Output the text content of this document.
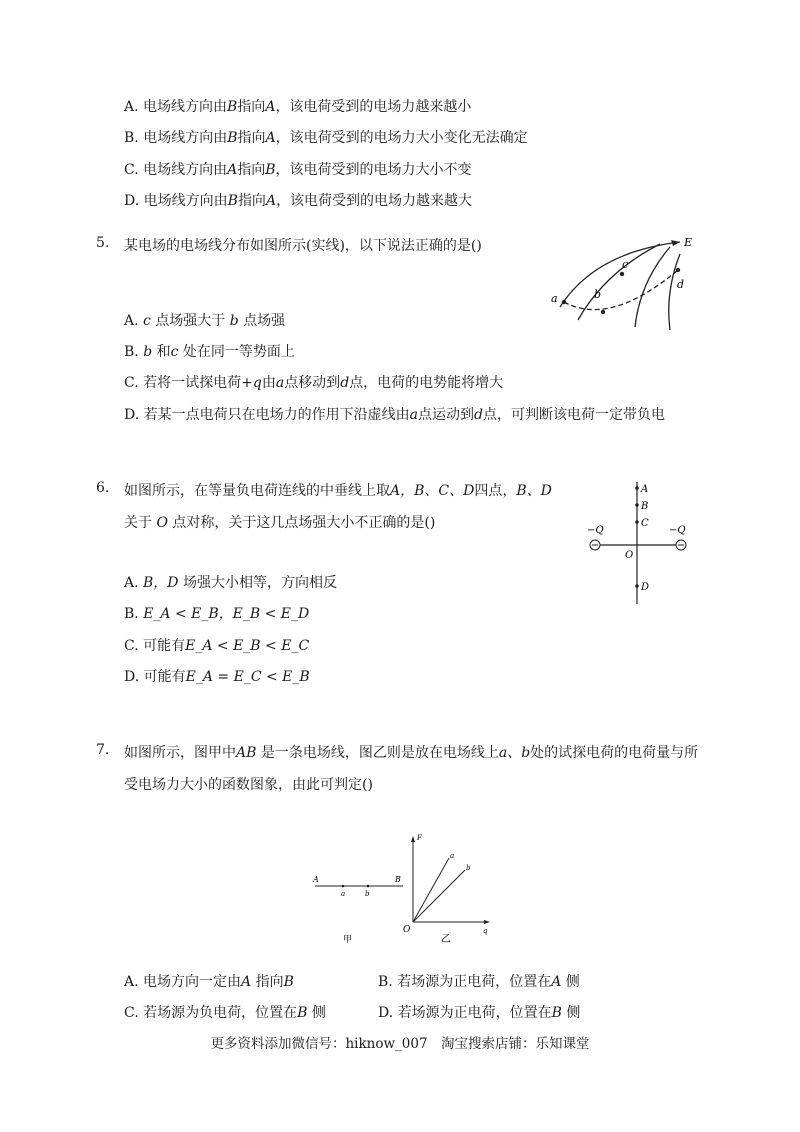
A. 电场线方向由B指向A，该电荷受到的电场力越来越小
B. 电场线方向由B指向A，该电荷受到的电场力大小变化无法确定
C. 电场线方向由A指向B，该电荷受到的电场力大小不变
D. 电场线方向由B指向A，该电荷受到的电场力越来越大
5. 某电场的电场线分布如图所示(实线)，以下说法正确的是()	E
c
a	b
d
A. c 点场强大于 b 点场强
B. b 和c 处在同一等势面上
C. 若将一试探电荷+q由a点移动到d点，电荷的电势能将增大
D. 若某一点电荷只在电场力的作用下沿虚线由a点运动到d点，可判断该电荷一定带负电
6. 如图所示，在等量负电荷连线的中垂线上取A，B、C、D四点，B、D
关于 O 点对称，关于这几点场强大小不正确的是()
A
B
C
O
D
−Q	−Q
A. B，D 场强大小相等，方向相反
B. E_A < E_B，E_B < E_D
C. 可能有E_A < E_B < E_C
D. 可能有E_A = E_C < E_B
7. 如图所示，图甲中AB 是一条电场线，图乙则是放在电场线上a、b处的试探电荷的电荷量与所
受电场力大小的函数图象，由此可判定()
A	B
a	b
甲
F
O	q
乙
a
b
A. 电场方向一定由A 指向B	B. 若场源为正电荷，位置在A 侧
C. 若场源为负电荷，位置在B 侧	D. 若场源为正电荷，位置在B 侧
更多资料添加微信号：hiknow_007　淘宝搜索店铺：乐知课堂
